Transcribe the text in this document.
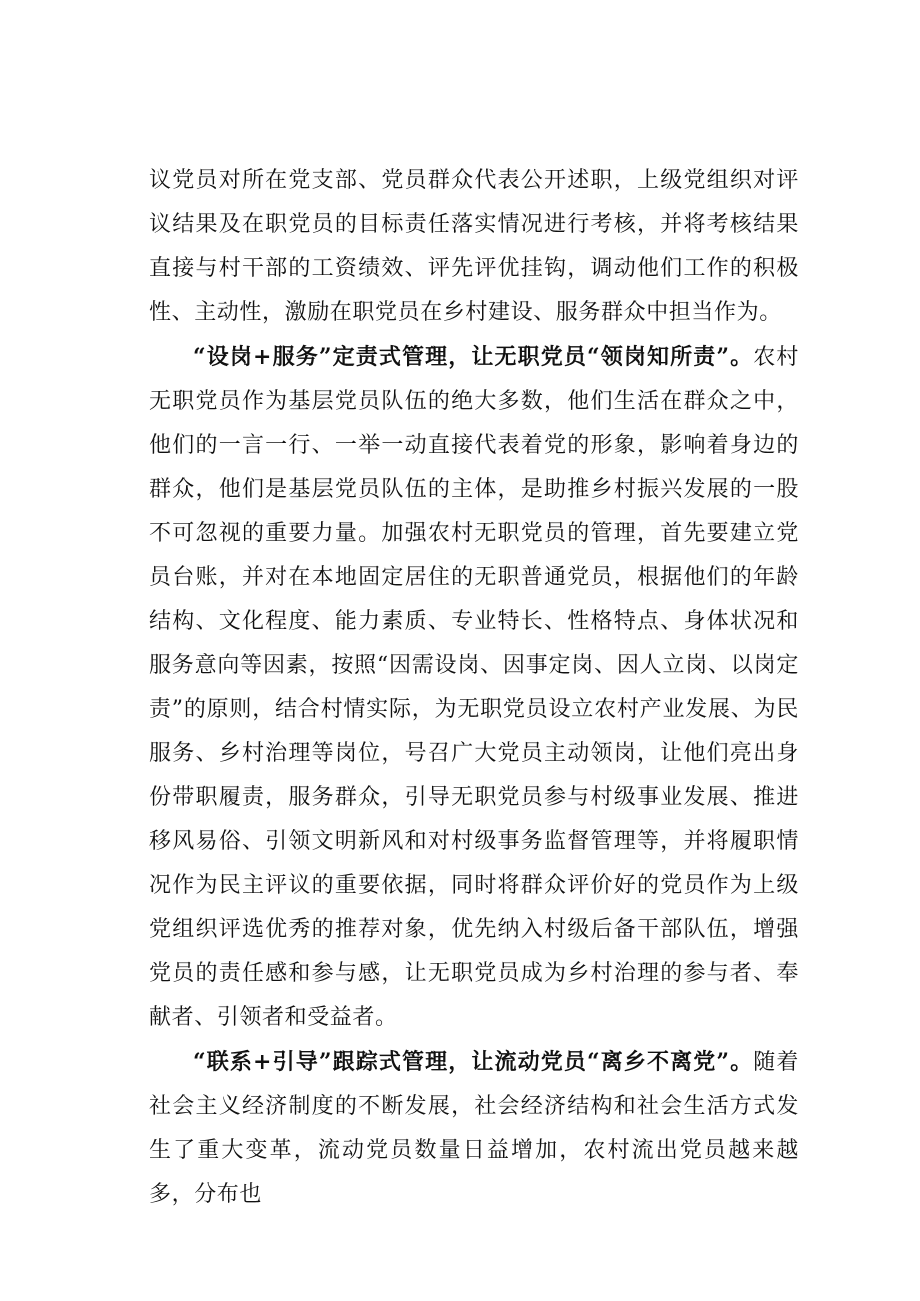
议党员对所在党支部、党员群众代表公开述职，上级党组织对评议结果及在职党员的目标责任落实情况进行考核，并将考核结果直接与村干部的工资绩效、评先评优挂钩，调动他们工作的积极性、主动性，激励在职党员在乡村建设、服务群众中担当作为。

“设岗+服务”定责式管理，让无职党员“领岗知所责”。农村无职党员作为基层党员队伍的绝大多数，他们生活在群众之中，他们的一言一行、一举一动直接代表着党的形象，影响着身边的群众，他们是基层党员队伍的主体，是助推乡村振兴发展的一股不可忽视的重要力量。加强农村无职党员的管理，首先要建立党员台账，并对在本地固定居住的无职普通党员，根据他们的年龄结构、文化程度、能力素质、专业特长、性格特点、身体状况和服务意向等因素，按照“因需设岗、因事定岗、因人立岗、以岗定责”的原则，结合村情实际，为无职党员设立农村产业发展、为民服务、乡村治理等岗位，号召广大党员主动领岗，让他们亮出身份带职履责，服务群众，引导无职党员参与村级事业发展、推进移风易俗、引领文明新风和对村级事务监督管理等，并将履职情况作为民主评议的重要依据，同时将群众评价好的党员作为上级党组织评选优秀的推荐对象，优先纳入村级后备干部队伍，增强党员的责任感和参与感，让无职党员成为乡村治理的参与者、奉献者、引领者和受益者。

“联系+引导”跟踪式管理，让流动党员“离乡不离党”。随着社会主义经济制度的不断发展，社会经济结构和社会生活方式发生了重大变革，流动党员数量日益增加，农村流出党员越来越多，分布也
